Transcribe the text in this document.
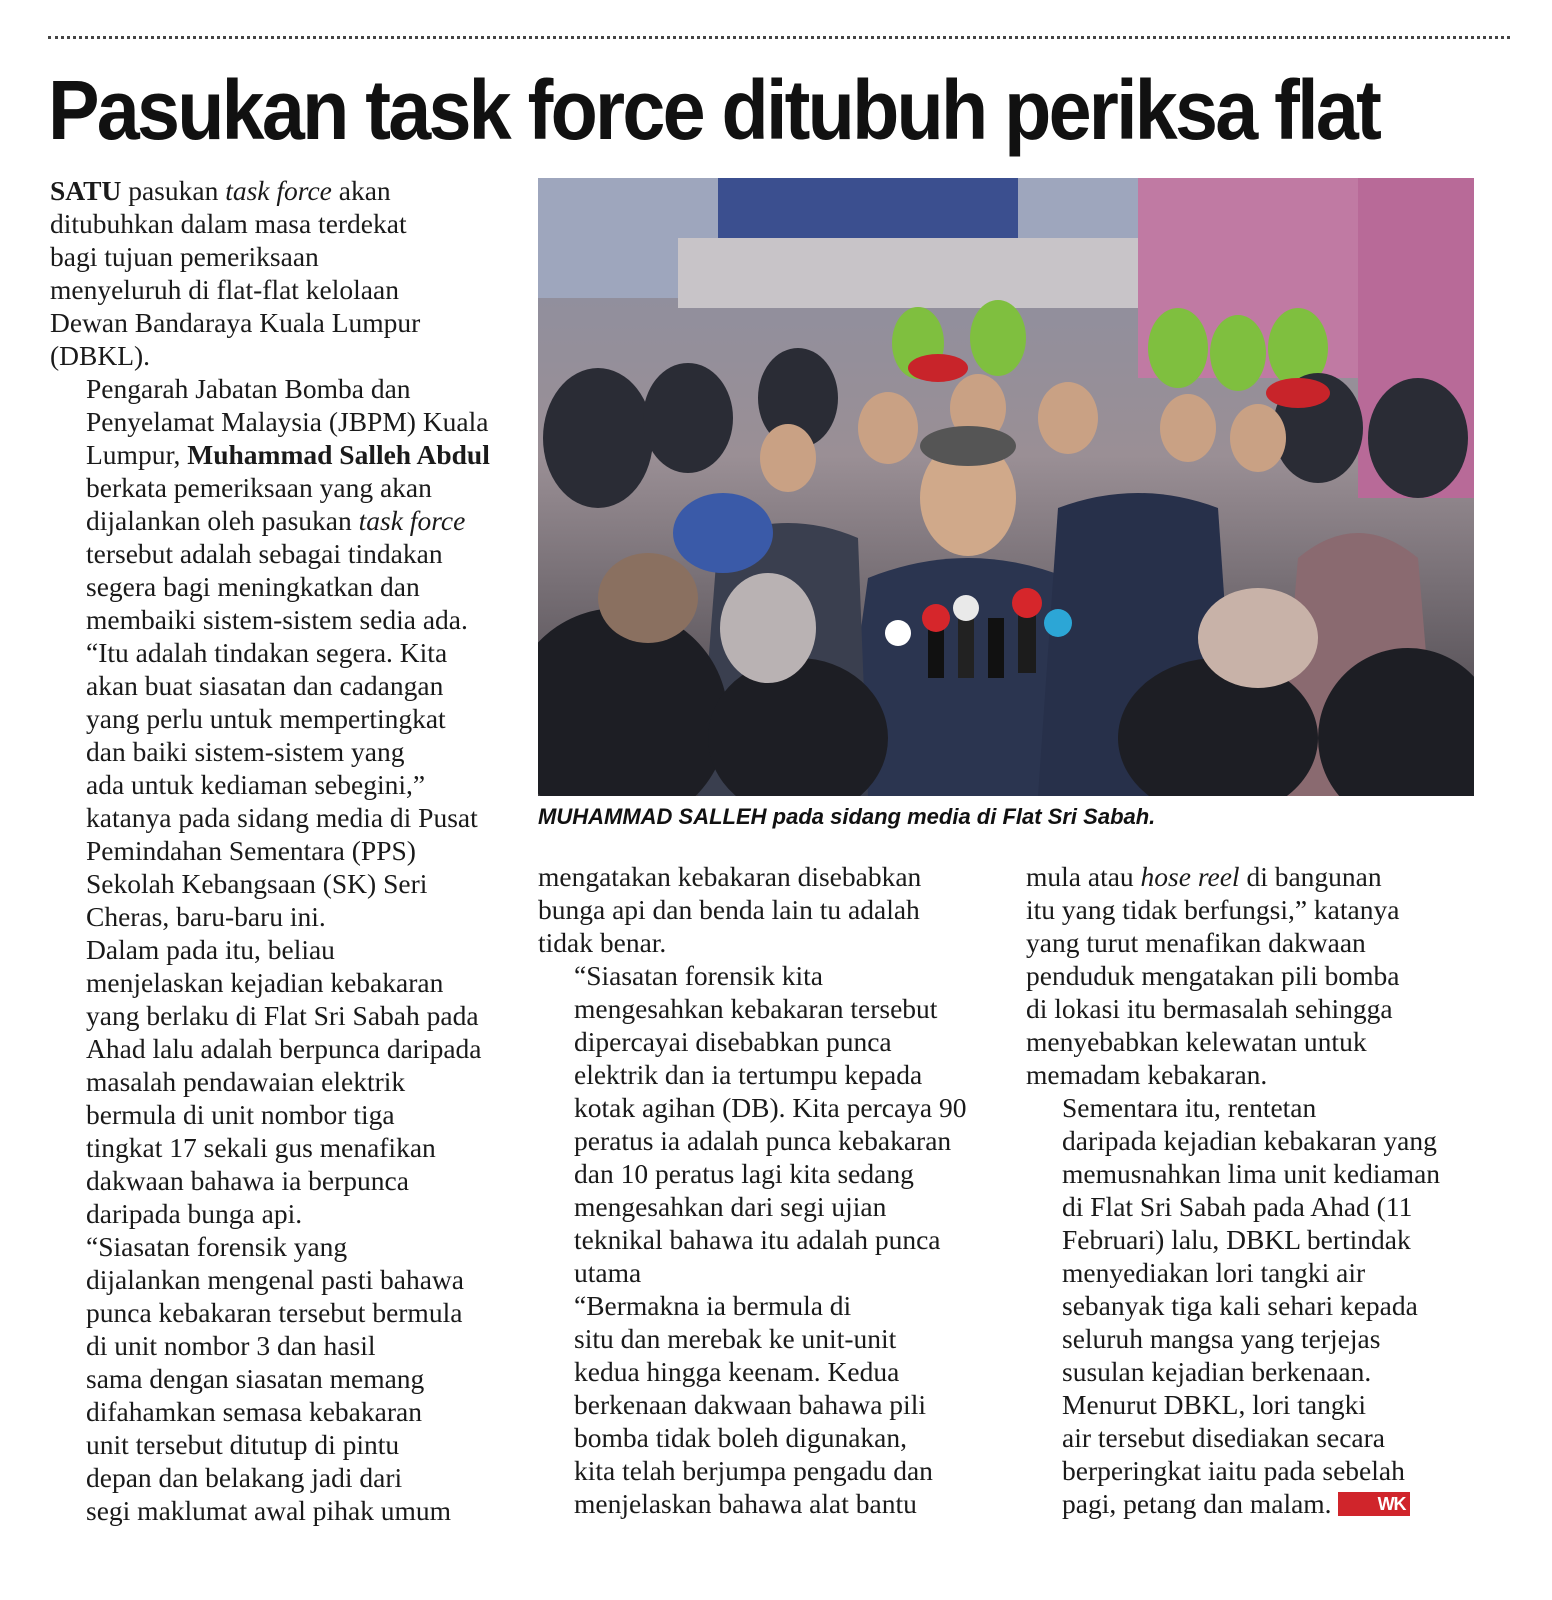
Pasukan task force ditubuh periksa flat

SATU pasukan task force akan
ditubuhkan dalam masa terdekat
bagi tujuan pemeriksaan
menyeluruh di flat-flat kelolaan
Dewan Bandaraya Kuala Lumpur
(DBKL).

Pengarah Jabatan Bomba dan
Penyelamat Malaysia (JBPM) Kuala
Lumpur, Muhammad Salleh Abdul
berkata pemeriksaan yang akan
dijalankan oleh pasukan task force
tersebut adalah sebagai tindakan
segera bagi meningkatkan dan
membaiki sistem-sistem sedia ada.

“Itu adalah tindakan segera. Kita
akan buat siasatan dan cadangan
yang perlu untuk mempertingkat
dan baiki sistem-sistem yang
ada untuk kediaman sebegini,”
katanya pada sidang media di Pusat
Pemindahan Sementara (PPS)
Sekolah Kebangsaan (SK) Seri
Cheras, baru-baru ini.

Dalam pada itu, beliau
menjelaskan kejadian kebakaran
yang berlaku di Flat Sri Sabah pada
Ahad lalu adalah berpunca daripada
masalah pendawaian elektrik
bermula di unit nombor tiga
tingkat 17 sekali gus menafikan
dakwaan bahawa ia berpunca
daripada bunga api.

“Siasatan forensik yang
dijalankan mengenal pasti bahawa
punca kebakaran tersebut bermula
di unit nombor 3 dan hasil
sama dengan siasatan memang
difahamkan semasa kebakaran
unit tersebut ditutup di pintu
depan dan belakang jadi dari
segi maklumat awal pihak umum

MUHAMMAD SALLEH pada sidang media di Flat Sri Sabah.

mengatakan kebakaran disebabkan
bunga api dan benda lain tu adalah
tidak benar.

“Siasatan forensik kita
mengesahkan kebakaran tersebut
dipercayai disebabkan punca
elektrik dan ia tertumpu kepada
kotak agihan (DB). Kita percaya 90
peratus ia adalah punca kebakaran
dan 10 peratus lagi kita sedang
mengesahkan dari segi ujian
teknikal bahawa itu adalah punca
utama

“Bermakna ia bermula di
situ dan merebak ke unit-unit
kedua hingga keenam. Kedua
berkenaan dakwaan bahawa pili
bomba tidak boleh digunakan,
kita telah berjumpa pengadu dan
menjelaskan bahawa alat bantu

mula atau hose reel di bangunan
itu yang tidak berfungsi,” katanya
yang turut menafikan dakwaan
penduduk mengatakan pili bomba
di lokasi itu bermasalah sehingga
menyebabkan kelewatan untuk
memadam kebakaran.

Sementara itu, rentetan
daripada kejadian kebakaran yang
memusnahkan lima unit kediaman
di Flat Sri Sabah pada Ahad (11
Februari) lalu, DBKL bertindak
menyediakan lori tangki air
sebanyak tiga kali sehari kepada
seluruh mangsa yang terjejas
susulan kejadian berkenaan.

Menurut DBKL, lori tangki
air tersebut disediakan secara
berperingkat iaitu pada sebelah
pagi, petang dan malam.	WK
